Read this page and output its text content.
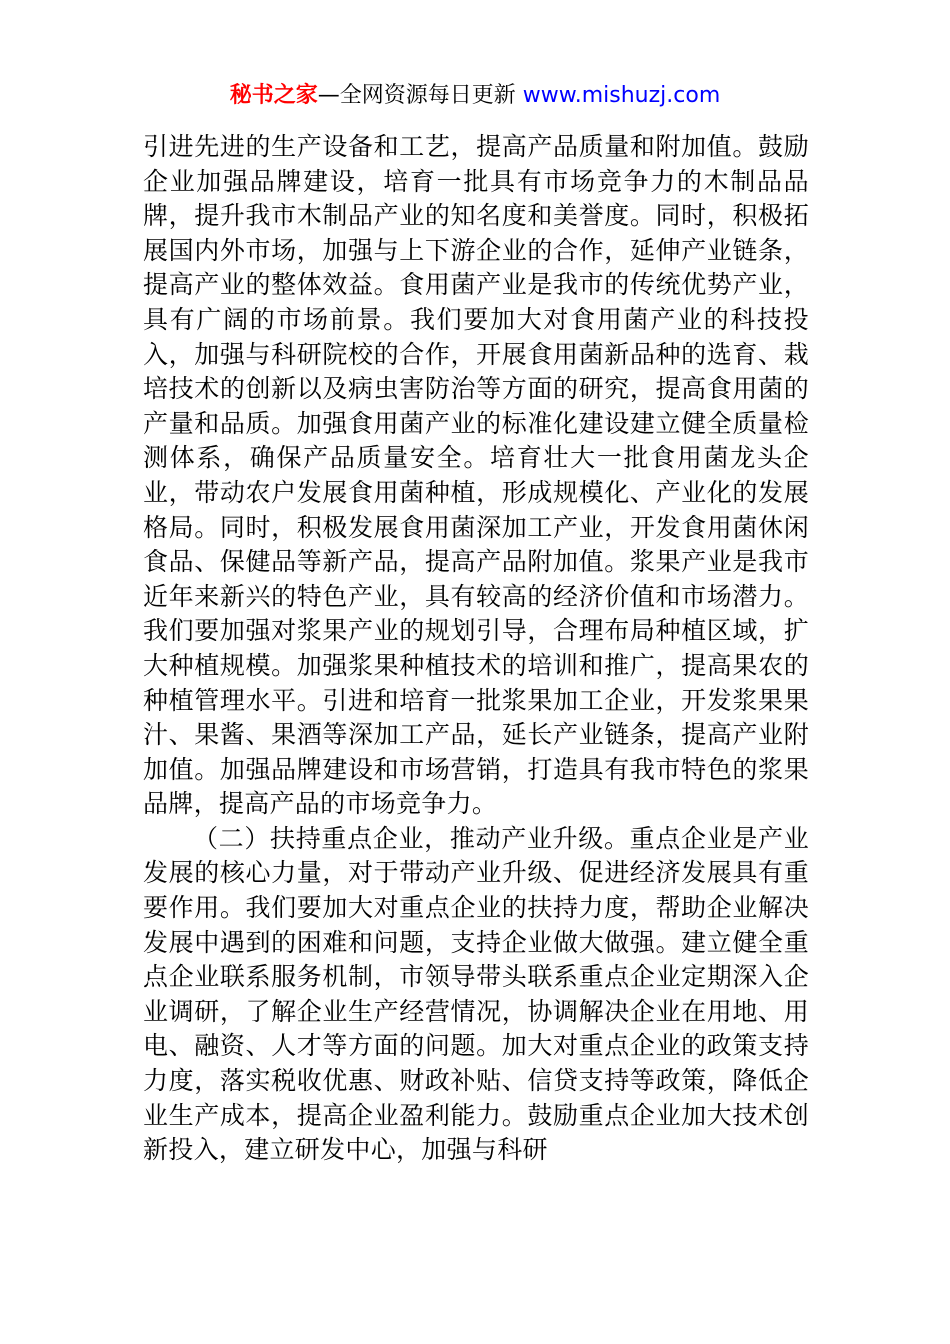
秘书之家—全网资源每日更新 www.mishuzj.com

引进先进的生产设备和工艺，提高产品质量和附加值。鼓励企业加强品牌建设，培育一批具有市场竞争力的木制品品牌，提升我市木制品产业的知名度和美誉度。同时，积极拓展国内外市场，加强与上下游企业的合作，延伸产业链条，提高产业的整体效益。食用菌产业是我市的传统优势产业，具有广阔的市场前景。我们要加大对食用菌产业的科技投入，加强与科研院校的合作，开展食用菌新品种的选育、栽培技术的创新以及病虫害防治等方面的研究，提高食用菌的产量和品质。加强食用菌产业的标准化建设建立健全质量检测体系，确保产品质量安全。培育壮大一批食用菌龙头企业，带动农户发展食用菌种植，形成规模化、产业化的发展格局。同时，积极发展食用菌深加工产业，开发食用菌休闲食品、保健品等新产品，提高产品附加值。浆果产业是我市近年来新兴的特色产业，具有较高的经济价值和市场潜力。我们要加强对浆果产业的规划引导，合理布局种植区域，扩大种植规模。加强浆果种植技术的培训和推广，提高果农的种植管理水平。引进和培育一批浆果加工企业，开发浆果果汁、果酱、果酒等深加工产品，延长产业链条，提高产业附加值。加强品牌建设和市场营销，打造具有我市特色的浆果品牌，提高产品的市场竞争力。

（二）扶持重点企业，推动产业升级。重点企业是产业发展的核心力量，对于带动产业升级、促进经济发展具有重要作用。我们要加大对重点企业的扶持力度，帮助企业解决发展中遇到的困难和问题，支持企业做大做强。建立健全重点企业联系服务机制，市领导带头联系重点企业定期深入企业调研，了解企业生产经营情况，协调解决企业在用地、用电、融资、人才等方面的问题。加大对重点企业的政策支持力度，落实税收优惠、财政补贴、信贷支持等政策，降低企业生产成本，提高企业盈利能力。鼓励重点企业加大技术创新投入，建立研发中心，加强与科研
